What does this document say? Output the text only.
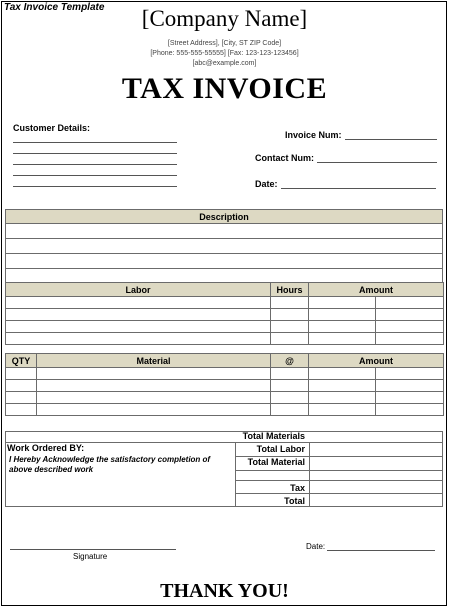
Tax Invoice Template	[Company Name]
[Street Address], [City, ST ZIP Code]
[Phone: 555-555-55555] [Fax: 123-123-123456]
[abc@example.com]
TAX INVOICE
Customer Details:
Invoice Num:
Contact Num:
Date:
Description

Labor	Hours	Amount	

QTY	Material	@	Amount	

Total Materials
Total Labor
Total Material
Tax
Total
Work Ordered BY:
I Hereby Acknowledge the satisfactory completion of above described work
Signature
Date:
THANK YOU!
